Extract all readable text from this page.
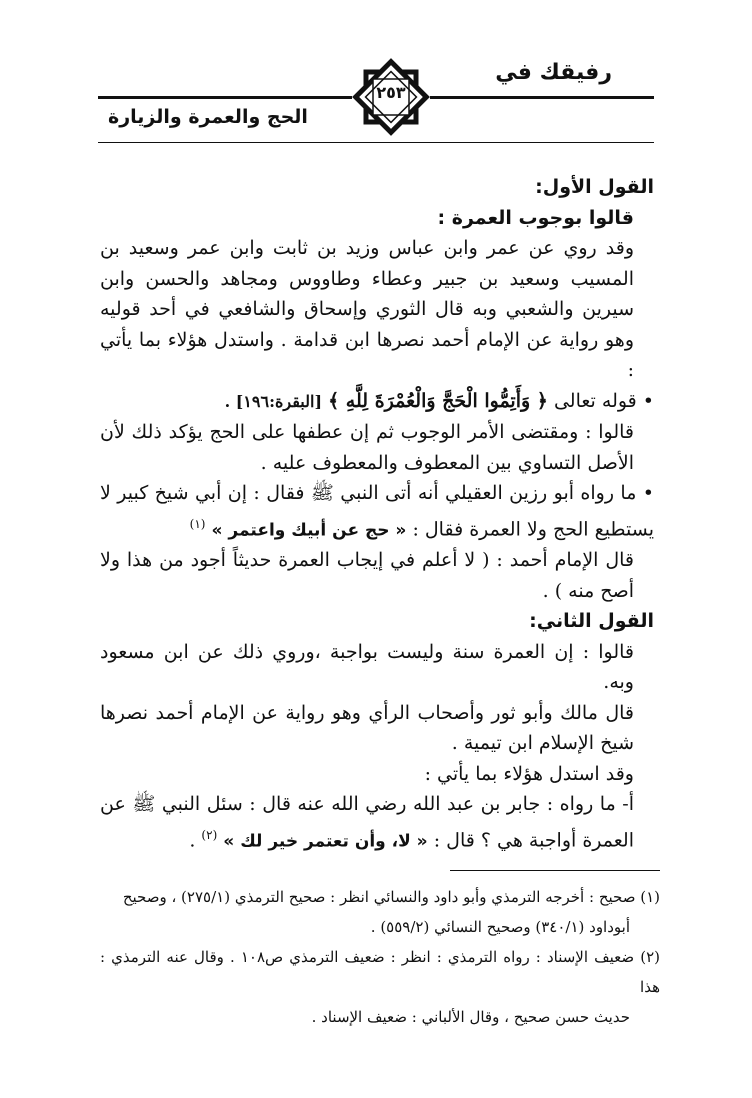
رفيقك في
الحج والعمرة والزيارة
٢٥٣

القول الأول:

قالوا بوجوب العمرة :

وقد روي عن عمر وابن عباس وزيد بن ثابت وابن عمر وسعيد بن المسيب وسعيد بن جبير وعطاء وطاووس ومجاهد والحسن وابن سيرين والشعبي وبه قال الثوري وإسحاق والشافعي في أحد قوليه وهو رواية عن الإمام أحمد نصرها ابن قدامة . واستدل هؤلاء بما يأتي :

• قوله تعالى ﴿ وَأَتِمُّوا الْحَجَّ وَالْعُمْرَةَ لِلَّهِ ﴾ [البقرة:١٩٦] .

قالوا : ومقتضى الأمر الوجوب ثم إن عطفها على الحج يؤكد ذلك لأن الأصل التساوي بين المعطوف والمعطوف عليه .

• ما رواه أبو رزين العقيلي أنه أتى النبي ﷺ فقال : إن أبي شيخ كبير لا يستطيع الحج ولا العمرة فقال : « حج عن أبيك واعتمر » $^{(١)}$

قال الإمام أحمد : ( لا أعلم في إيجاب العمرة حديثاً أجود من هذا ولا أصح منه ) .

القول الثاني:

قالوا : إن العمرة سنة وليست بواجبة ،وروي ذلك عن ابن مسعود وبه.

قال مالك وأبو ثور وأصحاب الرأي وهو رواية عن الإمام أحمد نصرها شيخ الإسلام ابن تيمية .

وقد استدل هؤلاء بما يأتي :

أ- ما رواه : جابر بن عبد الله رضي الله عنه قال : سئل النبي ﷺ عن العمرة أواجبة هي ؟ قال : « لا، وأن تعتمر خير لك » $^{(٢)}$ .

(١) صحيح : أخرجه الترمذي وأبو داود والنسائي انظر : صحيح الترمذي (٢٧٥/١) ، وصحيح

أبوداود (٣٤٠/١) وصحيح النسائي (٥٥٩/٢) .

(٢) ضعيف الإسناد : رواه الترمذي : انظر : ضعيف الترمذي ص١٠٨ . وقال عنه الترمذي : هذا

حديث حسن صحيح ، وقال الألباني : ضعيف الإسناد .
